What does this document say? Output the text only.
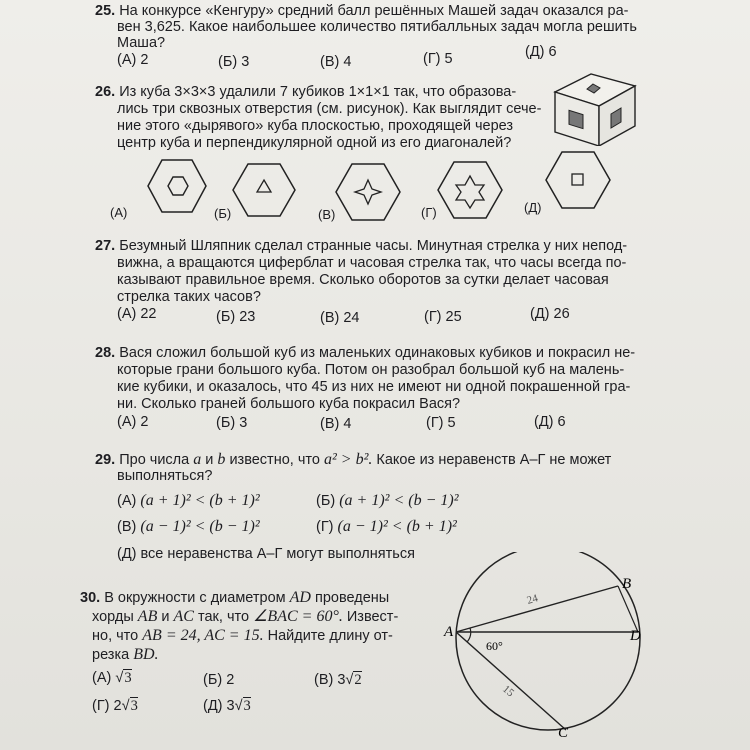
25. На конкурсе «Кенгуру» средний балл решённых Машей задач оказался ра-
вен 3,625. Какое наибольшее количество пятибалльных задач могла решить
Маша?
(А) 2	(Б) 3	(В) 4	(Г) 5	(Д) 6
26. Из куба 3×3×3 удалили 7 кубиков 1×1×1 так, что образова-
лись три сквозных отверстия (см. рисунок). Как выглядит сече-
ние этого «дырявого» куба плоскостью, проходящей через
центр куба и перпендикулярной одной из его диагоналей?
(А)	(Б)	(В)	(Г)	(Д)
27. Безумный Шляпник сделал странные часы. Минутная стрелка у них непод-
вижна, а вращаются циферблат и часовая стрелка так, что часы всегда по-
казывают правильное время. Сколько оборотов за сутки делает часовая
стрелка таких часов?
(А) 22	(Б) 23	(В) 24	(Г) 25	(Д) 26
28. Вася сложил большой куб из маленьких одинаковых кубиков и покрасил не-
которые грани большого куба. Потом он разобрал большой куб на малень-
кие кубики, и оказалось, что 45 из них не имеют ни одной покрашенной гра-
ни. Сколько граней большого куба покрасил Вася?
(А) 2	(Б) 3	(В) 4	(Г) 5	(Д) 6
29. Про числа a и b известно, что a² > b². Какое из неравенств А–Г не может
выполняться?
(А) (a + 1)² < (b + 1)²	(Б) (a + 1)² < (b − 1)²
(В) (a − 1)² < (b − 1)²	(Г) (a − 1)² < (b + 1)²
(Д) все неравенства А–Г могут выполняться
30. В окружности с диаметром AD проведены
хорды AB и AC так, что ∠BAC = 60°. Извест-
но, что AB = 24, AC = 15. Найдите длину от-
резка BD.
(А) √3	(Б) 2	(В) 3√2
(Г) 2√3	(Д) 3√3
A
B
C
D
60°
24
15
